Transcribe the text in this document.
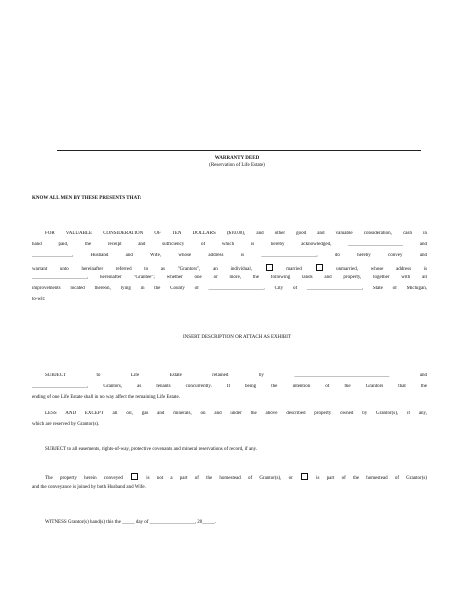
WARRANTY DEED
(Reservation of Life Estate)
KNOW ALL MEN BY THESE PRESENTS THAT:
FOR VALUABLE CONSIDERATION OF TEN DOLLARS ($10.00), and other good and valuable consideration, cash in
hand paid, the receipt and sufficiency of which is hereby acknowledged, ______________________ and
________________, Husband and Wife, whose address is ______________________, do hereby convey and
warrant unto hereinafter referred to as "Grantors", an individual,	married	unmarried, whose address is
______________________, hereinafter "Grantee"; whether one or more, the following lands and property, together with all
improvements located thereon, lying in the County of ______________________, City of ______________________, State of Michigan,
to-wit:
INSERT DESCRIPTION OR ATTACH AS EXHIBIT
SUBJECT to Life Estate retained by ______________________________________ and
______________________, Grantors, as tenants concurrently. It being the intention of the Grantors that the
ending of one Life Estate shall in no way affect the remaining Life Estate.
LESS AND EXCEPT all oil, gas and minerals, on and under the above described property owned by Grantor(s), if any,
which are reserved by Grantor(s).
SUBJECT to all easements, rights-of-way, protective covenants and mineral reservations of record, if any.
The property herein conveyed	is not a part of the homestead of Grantor(s), or	is part of the homestead of Grantor(s)
and the conveyance is joined by both Husband and Wife.
WITNESS Grantor(s) hand(s) this the _____ day of __________________, 20_____.
